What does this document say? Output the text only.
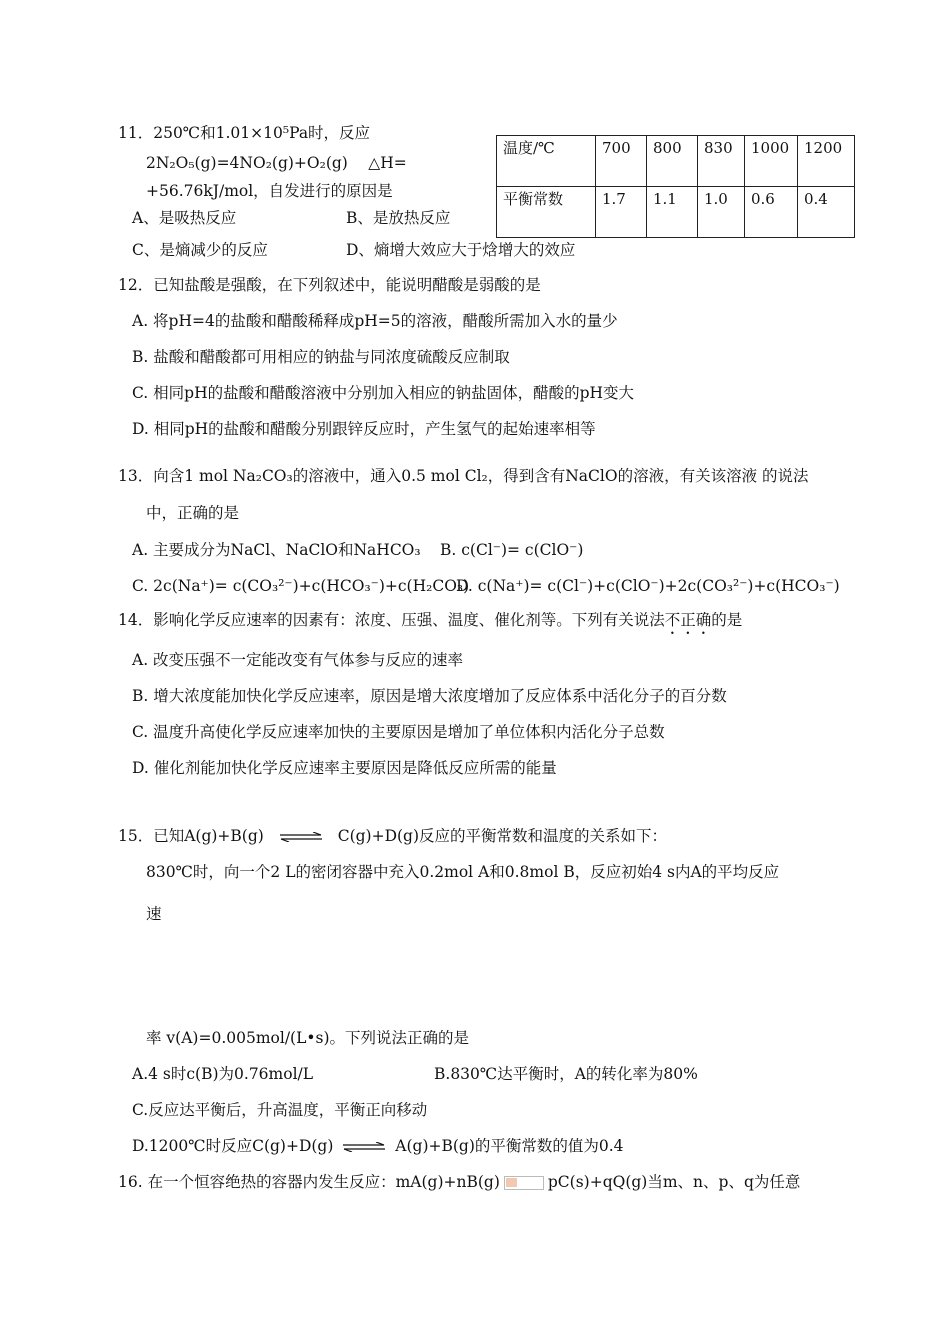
11．250℃和1.01×10⁵Pa时，反应
2N₂O₅(g)=4NO₂(g)+O₂(g)　 △H=
+56.76kJ/mol，自发进行的原因是
A、是吸热反应	B、是放热反应
C、是熵减少的反应	D、熵增大效应大于焓增大的效应
温度/℃	700	800	830	1000	1200
平衡常数	1.7	1.1	1.0	0.6	0.4
12．已知盐酸是强酸，在下列叙述中，能说明醋酸是弱酸的是
A. 将pH=4的盐酸和醋酸稀释成pH=5的溶液，醋酸所需加入水的量少
B. 盐酸和醋酸都可用相应的钠盐与同浓度硫酸反应制取
C. 相同pH的盐酸和醋酸溶液中分别加入相应的钠盐固体，醋酸的pH变大
D. 相同pH的盐酸和醋酸分别跟锌反应时，产生氢气的起始速率相等
13．向含1 mol Na₂CO₃的溶液中，通入0.5 mol Cl₂，得到含有NaClO的溶液，有关该溶液 的说法
中，正确的是
A. 主要成分为NaCl、NaClO和NaHCO₃ B. c(Cl⁻)= c(ClO⁻)
C. 2c(Na⁺)= c(CO₃²⁻)+c(HCO₃⁻)+c(H₂CO₃)
D. c(Na⁺)= c(Cl⁻)+c(ClO⁻)+2c(CO₃²⁻)+c(HCO₃⁻)
14．影响化学反应速率的因素有：浓度、压强、温度、催化剂等。下列有关说法不正确的是
A. 改变压强不一定能改变有气体参与反应的速率
B. 增大浓度能加快化学反应速率，原因是增大浓度增加了反应体系中活化分子的百分数
C. 温度升高使化学反应速率加快的主要原因是增加了单位体积内活化分子总数
D. 催化剂能加快化学反应速率主要原因是降低反应所需的能量
15．已知A(g)+B(g) ⇌ C(g)+D(g)反应的平衡常数和温度的关系如下：
830℃时，向一个2 L的密闭容器中充入0.2mol A和0.8mol B，反应初始4 s内A的平均反应
速
率 v(A)=0.005mol/(L•s)。下列说法正确的是
A.4 s时c(B)为0.76mol/L	B.830℃达平衡时，A的转化率为80%
C.反应达平衡后，升高温度，平衡正向移动
D.1200℃时反应C(g)+D(g) ⇌ A(g)+B(g)的平衡常数的值为0.4
16. 在一个恒容绝热的容器内发生反应：mA(g)+nB(g)	pC(s)+qQ(g)当m、n、p、q为任意
